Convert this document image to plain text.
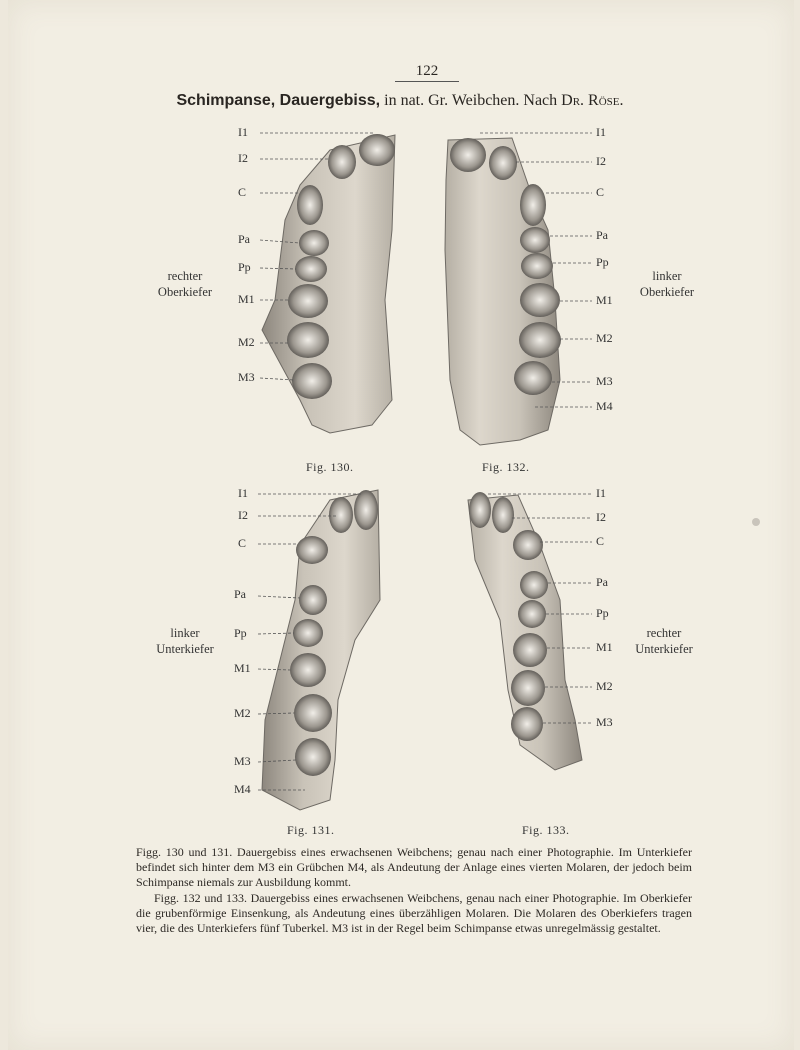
122
Schimpanse, Dauergebiss, in nat. Gr. Weibchen. Nach Dr. Röse.
rechter
Oberkiefer
linker
Oberkiefer
linker
Unterkiefer
rechter
Unterkiefer
I1
I2
C
Pa
Pp
M1
M2
M3
I1
I2
C
Pa
Pp
M1
M2
M3
M4
I1
I2
C
Pa
Pp
M1
M2
M3
M4
I1
I2
C
Pa
Pp
M1
M2
M3
Fig. 130.	Fig. 132.
Fig. 131.	Fig. 133.

Figg. 130 und 131. Dauergebiss eines erwachsenen Weibchens; genau nach einer Photographie. Im Unterkiefer befindet sich hinter dem M3 ein Grübchen M4, als Andeutung der Anlage eines vierten Molaren, der jedoch beim Schimpanse niemals zur Ausbildung kommt.

Figg. 132 und 133. Dauergebiss eines erwachsenen Weibchens, genau nach einer Photographie. Im Oberkiefer die grubenförmige Einsenkung, als Andeutung eines überzähligen Molaren. Die Molaren des Oberkiefers tragen vier, die des Unterkiefers fünf Tuberkel. M3 ist in der Regel beim Schimpanse etwas unregelmässig gestaltet.
